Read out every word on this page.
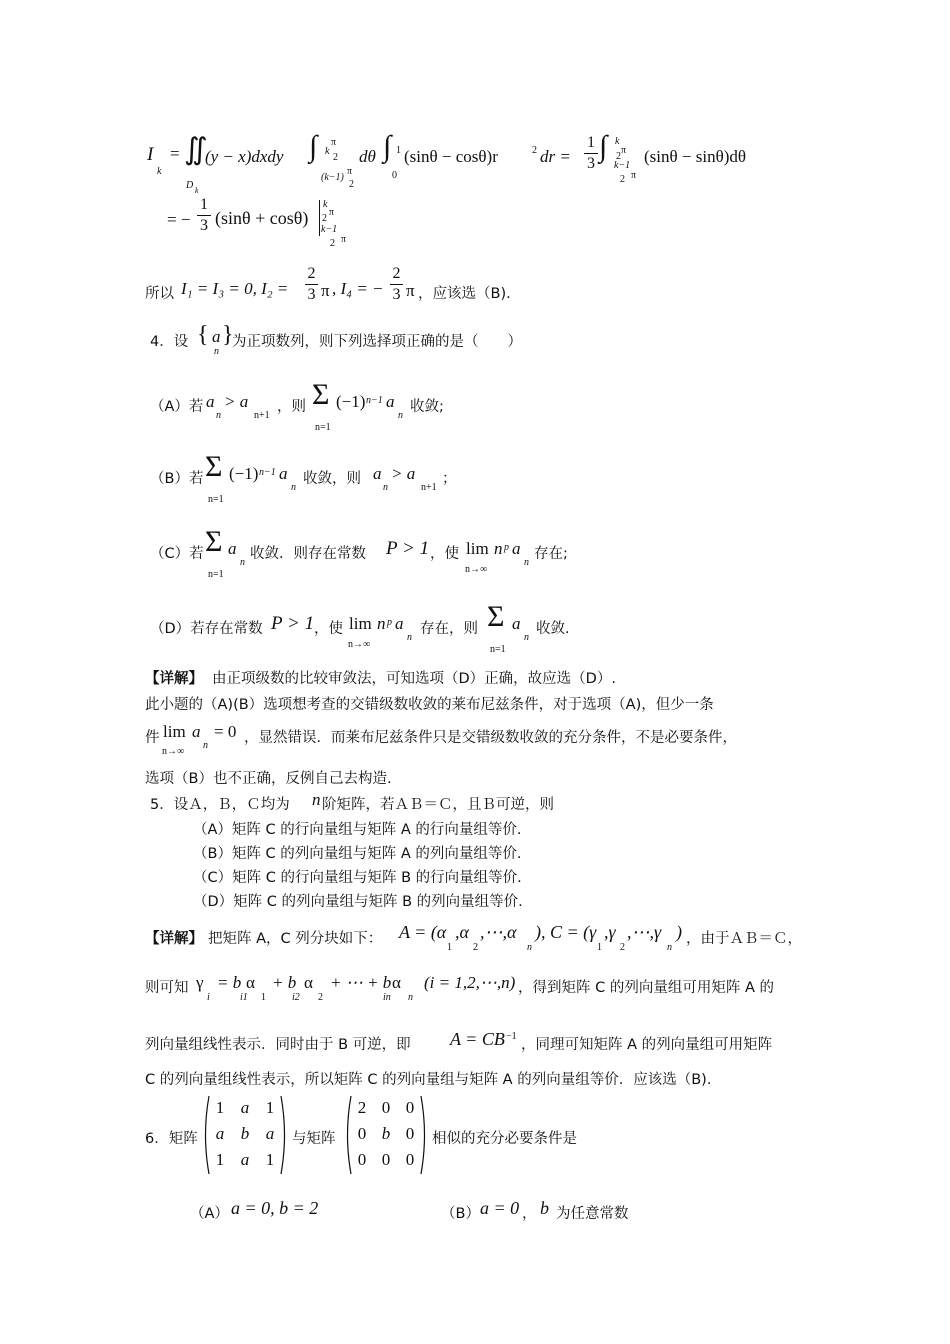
I
k
= ∬
(y − x)dxdy
D k
∫ k
π
2
(k−1)
π
2
dθ ∫ 1
0
(sinθ − cosθ)r	2 dr =
1
3
∫ k
π
2
k−1
π
2
(sinθ − sinθ)dθ
= −
1
3 (sinθ + cosθ)
k
π
2
k−1
π
2
所以 I₁ = I₃ = 0, I₂ =
2
3 π , I₄ = −
2
3 π ，应该选（B).
4．设 { a
n
}
为正项数列，则下列选择项正确的是（　　）
（A）若 a
n
> a
n+1
，则 Σ
n=1
(−1) n−1 a
n
收敛;
（B）若 Σ
n=1
(−1) n−1 a
n
收敛，则 a
n
> a
n+1
；
（C）若 Σ
n=1
a
n
收敛．则存在常数 P > 1 ，使 lim
n→∞
n p a
n
存在;
（D）若存在常数 P > 1 ，使 lim
n→∞
n p a
n
存在，则 Σ
n=1
a
n
收敛.
【详解】 由正项级数的比较审敛法，可知选项（D）正确，故应选（D）.
此小题的（A)(B）选项想考查的交错级数收敛的莱布尼兹条件，对于选项（A)，但少一条
件 lim
n→∞
a
n
= 0 ，显然错误．而莱布尼兹条件只是交错级数收敛的充分条件，不是必要条件，
选项（B）也不正确，反例自己去构造.
5．设Ａ，Ｂ，Ｃ均为 n 阶矩阵，若ＡＢ＝Ｃ，且Ｂ可逆，则
（A）矩阵 C 的行向量组与矩阵 A 的行向量组等价.
（B）矩阵 C 的列向量组与矩阵 A 的列向量组等价.
（C）矩阵 C 的行向量组与矩阵 B 的行向量组等价.
（D）矩阵 C 的列向量组与矩阵 B 的列向量组等价.
【详解】 把矩阵 A，C 列分块如下： A = (α
1
,α
2
,⋯,α
n
), C = (γ
1
,γ
2
,⋯,γ
n
) ，由于ＡＢ＝Ｃ，
则可知 γ
i
= b
i1
α
1
+ b
i2
α
2
+ ⋯ + b
in
α
n
(i = 1,2,⋯,n) ，得到矩阵 C 的列向量组可用矩阵 A 的
列向量组线性表示．同时由于 B 可逆，即 A = CB −1
，同理可知矩阵 A 的列向量组可用矩阵
C 的列向量组线性表示，所以矩阵 C 的列向量组与矩阵 A 的列向量组等价．应该选（B).
6．矩阵
1 a 1
a b a
1 a 1
与矩阵
2 0 0
0 b 0
0 0 0
相似的充分必要条件是
（A） a = 0, b = 2	（B） a = 0 ， b 为任意常数
